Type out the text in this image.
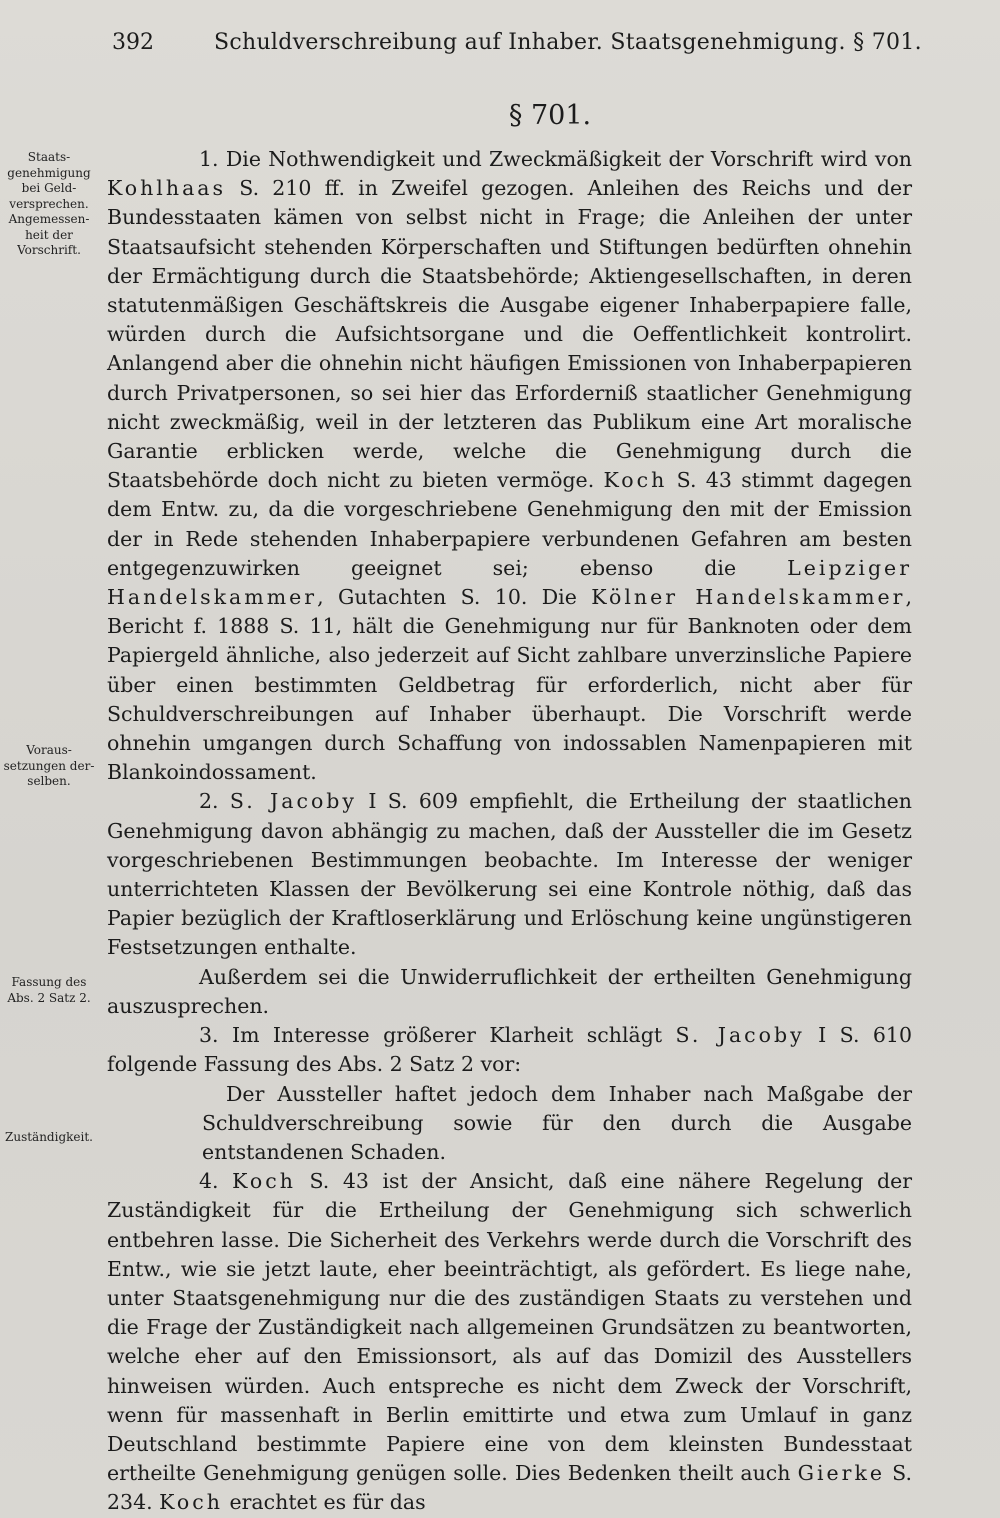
392	Schuldverschreibung auf Inhaber. Staatsgenehmigung. § 701.
§ 701.
Staats-genehmigung bei Geld-versprechen. Angemessen-heit der Vorschrift.
Voraus-setzungen der-selben.
Fassung des Abs. 2 Satz 2.
Zuständigkeit.

1. Die Nothwendigkeit und Zweckmäßigkeit der Vorschrift wird von Kohlhaas S. 210 ff. in Zweifel gezogen. Anleihen des Reichs und der Bundesstaaten kämen von selbst nicht in Frage; die Anleihen der unter Staatsaufsicht stehenden Körperschaften und Stiftungen bedürften ohnehin der Ermächtigung durch die Staatsbehörde; Aktiengesellschaften, in deren statutenmäßigen Geschäftskreis die Ausgabe eigener Inhaberpapiere falle, würden durch die Aufsichtsorgane und die Oeffentlichkeit kontrolirt. Anlangend aber die ohnehin nicht häufigen Emissionen von Inhaberpapieren durch Privatpersonen, so sei hier das Erforderniß staatlicher Genehmigung nicht zweckmäßig, weil in der letzteren das Publikum eine Art moralische Garantie erblicken werde, welche die Genehmigung durch die Staatsbehörde doch nicht zu bieten vermöge. Koch S. 43 stimmt dagegen dem Entw. zu, da die vorgeschriebene Genehmigung den mit der Emission der in Rede stehenden Inhaberpapiere verbundenen Gefahren am besten entgegenzuwirken geeignet sei; ebenso die Leipziger Handelskammer, Gutachten S. 10. Die Kölner Handelskammer, Bericht f. 1888 S. 11, hält die Genehmigung nur für Banknoten oder dem Papiergeld ähnliche, also jederzeit auf Sicht zahlbare unverzinsliche Papiere über einen bestimmten Geldbetrag für erforderlich, nicht aber für Schuldverschreibungen auf Inhaber überhaupt. Die Vorschrift werde ohnehin umgangen durch Schaffung von indossablen Namenpapieren mit Blankoindossament.

2. S. Jacoby I S. 609 empfiehlt, die Ertheilung der staatlichen Genehmigung davon abhängig zu machen, daß der Aussteller die im Gesetz vorgeschriebenen Bestimmungen beobachte. Im Interesse der weniger unterrichteten Klassen der Bevölkerung sei eine Kontrole nöthig, daß das Papier bezüglich der Kraftloserklärung und Erlöschung keine ungünstigeren Festsetzungen enthalte.

Außerdem sei die Unwiderruflichkeit der ertheilten Genehmigung auszusprechen.

3. Im Interesse größerer Klarheit schlägt S. Jacoby I S. 610 folgende Fassung des Abs. 2 Satz 2 vor:

Der Aussteller haftet jedoch dem Inhaber nach Maßgabe der Schuldverschreibung sowie für den durch die Ausgabe entstandenen Schaden.

4. Koch S. 43 ist der Ansicht, daß eine nähere Regelung der Zuständigkeit für die Ertheilung der Genehmigung sich schwerlich entbehren lasse. Die Sicherheit des Verkehrs werde durch die Vorschrift des Entw., wie sie jetzt laute, eher beeinträchtigt, als gefördert. Es liege nahe, unter Staatsgenehmigung nur die des zuständigen Staats zu verstehen und die Frage der Zuständigkeit nach allgemeinen Grundsätzen zu beantworten, welche eher auf den Emissionsort, als auf das Domizil des Ausstellers hinweisen würden. Auch entspreche es nicht dem Zweck der Vorschrift, wenn für massenhaft in Berlin emittirte und etwa zum Umlauf in ganz Deutschland bestimmte Papiere eine von dem kleinsten Bundesstaat ertheilte Genehmigung genügen solle. Dies Bedenken theilt auch Gierke S. 234. Koch erachtet es für das
